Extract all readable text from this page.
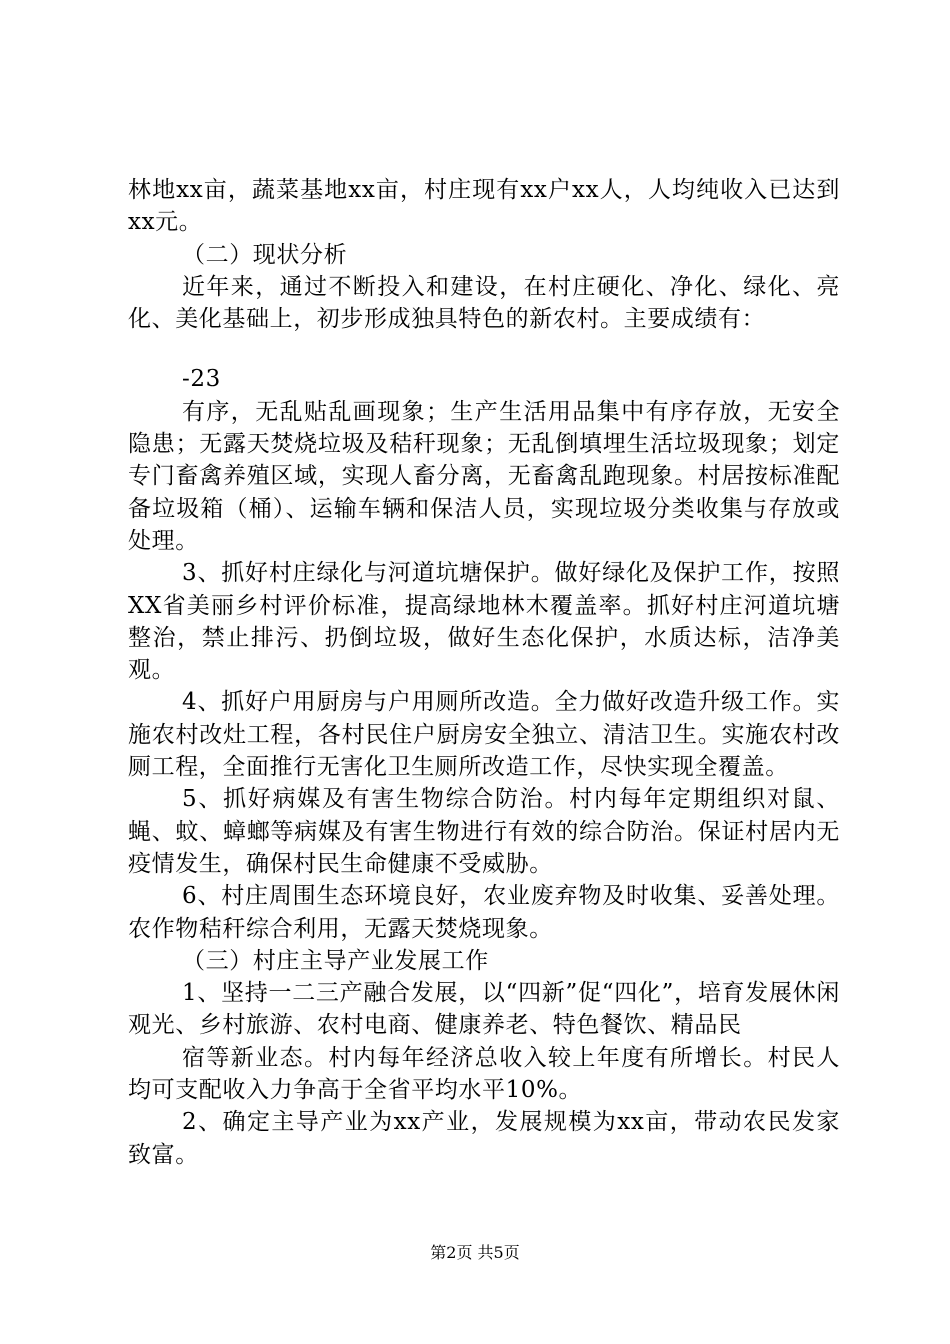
林地xx亩，蔬菜基地xx亩，村庄现有xx户xx人，人均纯收入已达到xx元。

（二）现状分析

近年来，通过不断投入和建设，在村庄硬化、净化、绿化、亮化、美化基础上，初步形成独具特色的新农村。主要成绩有：

-23

有序，无乱贴乱画现象；生产生活用品集中有序存放，无安全隐患；无露天焚烧垃圾及秸秆现象；无乱倒填埋生活垃圾现象；划定专门畜禽养殖区域，实现人畜分离，无畜禽乱跑现象。村居按标准配备垃圾箱（桶）、运输车辆和保洁人员，实现垃圾分类收集与存放或处理。

3、抓好村庄绿化与河道坑塘保护。做好绿化及保护工作，按照XX省美丽乡村评价标准，提高绿地林木覆盖率。抓好村庄河道坑塘整治，禁止排污、扔倒垃圾，做好生态化保护，水质达标，洁净美观。

4、抓好户用厨房与户用厕所改造。全力做好改造升级工作。实施农村改灶工程，各村民住户厨房安全独立、清洁卫生。实施农村改厕工程，全面推行无害化卫生厕所改造工作，尽快实现全覆盖。

5、抓好病媒及有害生物综合防治。村内每年定期组织对鼠、蝇、蚊、蟑螂等病媒及有害生物进行有效的综合防治。保证村居内无疫情发生，确保村民生命健康不受威胁。

6、村庄周围生态环境良好，农业废弃物及时收集、妥善处理。农作物秸秆综合利用，无露天焚烧现象。

（三）村庄主导产业发展工作

1、坚持一二三产融合发展，以“四新”促“四化”，培育发展休闲观光、乡村旅游、农村电商、健康养老、特色餐饮、精品民

宿等新业态。村内每年经济总收入较上年度有所增长。村民人均可支配收入力争高于全省平均水平10%。

2、确定主导产业为xx产业，发展规模为xx亩，带动农民发家致富。

第2页 共5页
